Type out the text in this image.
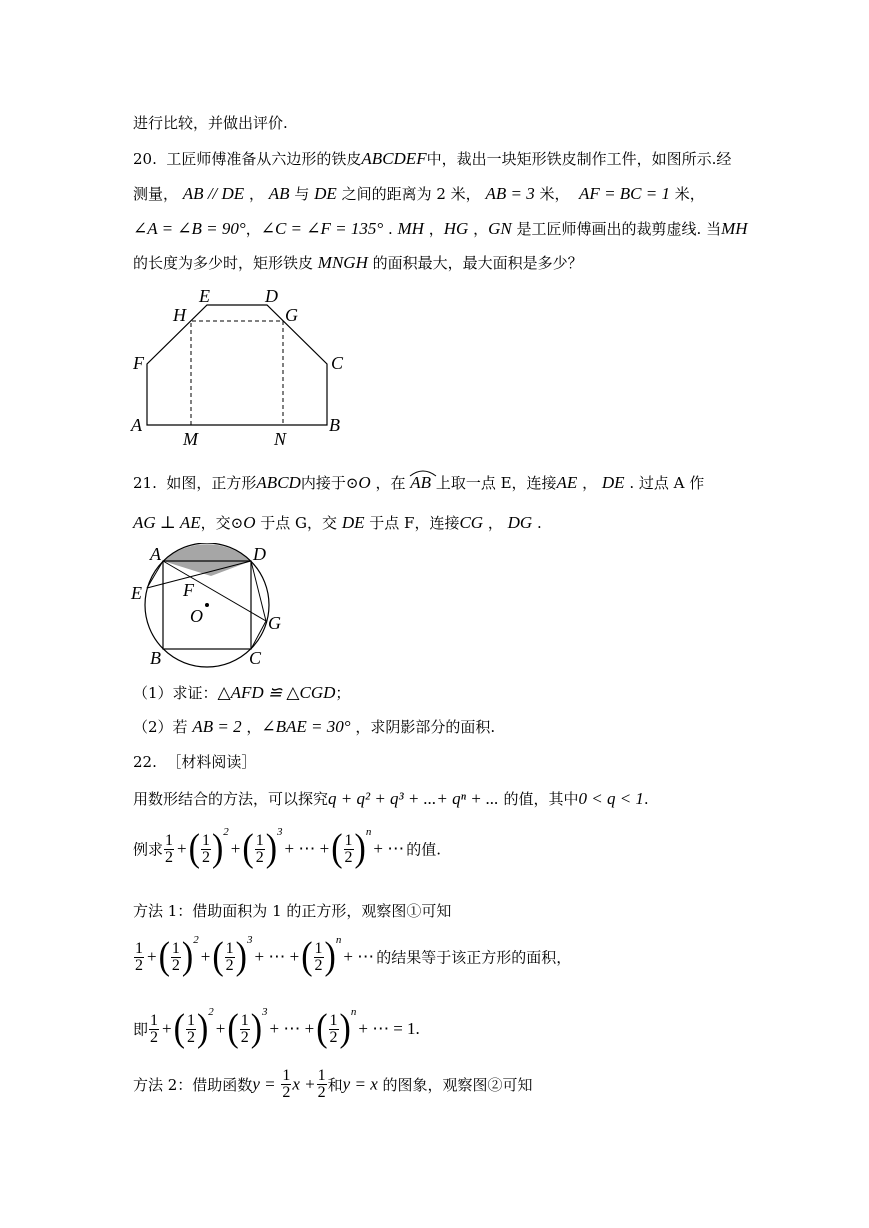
进行比较，并做出评价.
20. 工匠师傅准备从六边形的铁皮ABCDEF中，裁出一块矩形铁皮制作工件，如图所示.经
测量， AB // DE ， AB 与 DE 之间的距离为 2 米， AB = 3 米， AF = BC = 1 米，
∠A = ∠B = 90°，∠C = ∠F = 135° . MH ，HG ，GN 是工匠师傅画出的裁剪虚线. 当MH
的长度为多少时，矩形铁皮 MNGH 的面积最大，最大面积是多少？
E	D
H	G
F	C
A
M	N
B
21. 如图，正方形ABCD内接于⊙O ，在 AB 上取一点 E，连接AE ， DE . 过点 A 作
AG ⊥ AE，交⊙O 于点 G，交 DE 于点 F，连接CG ， DG .
A	D
E F
O	G
B	C
（1）求证：△AFD ≌ △CGD；
（2）若 AB = 2 ，∠BAE = 30° ，求阴影部分的面积.
22. ［材料阅读］
用数形结合的方法，可以探究q + q² + q³ + ...+ qⁿ + ... 的值，其中0 < q < 1.
例求 $\frac{1}{2}$ +( $\frac{1}{2} )^2+( \frac{1}{2} )^3+$ ⋯ +( $\frac{1}{2} )^n+$ ⋯ 的值.
方法 1：借助面积为 1 的正方形，观察图①可知
$\frac{1}{2}$ +( $\frac{1}{2} )^2+( \frac{1}{2} )^3+$ ⋯ +( $\frac{1}{2} )^n+$ ⋯ 的结果等于该正方形的面积，
即 $\frac{1}{2}$ +( $\frac{1}{2} )^2+( \frac{1}{2} )^3+$ ⋯ +( $\frac{1}{2} )^n+$ ⋯ = 1.
方法 2：借助函数$y = \frac{1}{2}$ $x + \frac{1}{2}$ 和y = x 的图象，观察图②可知
